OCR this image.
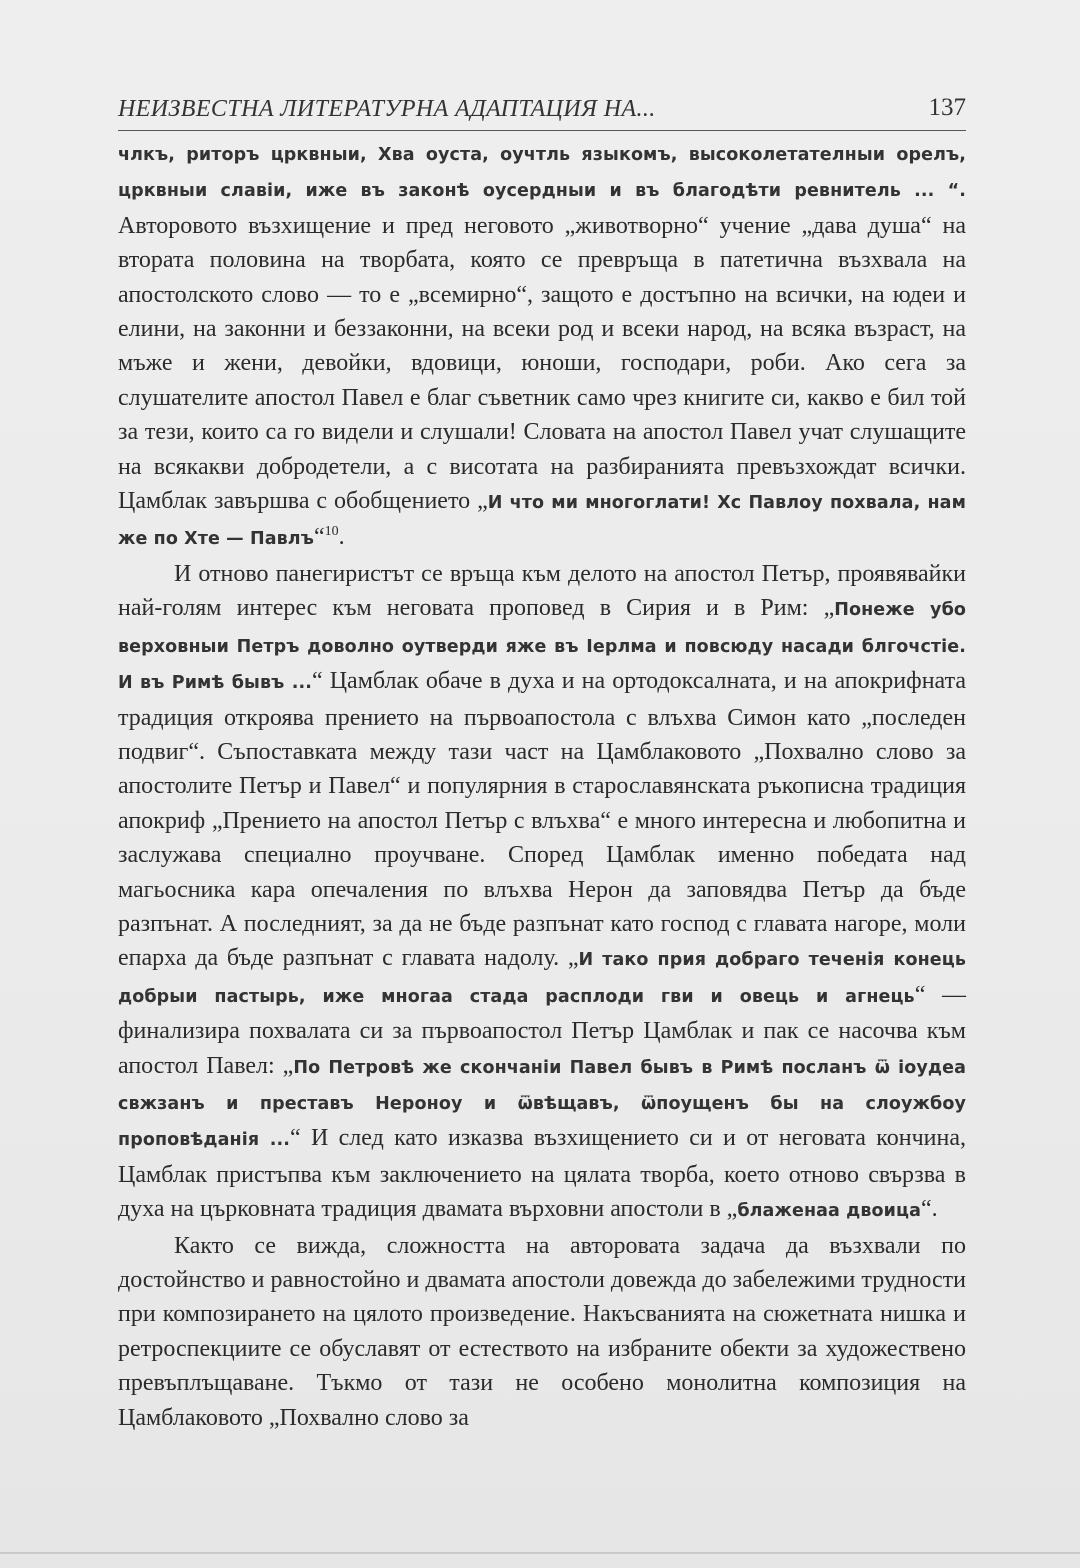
НЕИЗВЕСТНА ЛИТЕРАТУРНА АДАПТАЦИЯ НА...	137

члкъ, риторъ црквныи, Хва оуста, оучтль языкомъ, высоколетателныи орелъ, црквныи славiи, иже въ законѣ оусердныи и въ благодѣти ревнитель ... “. Авторовото възхищение и пред неговото „животворно“ учение „дава душа“ на втората половина на творбата, която се превръща в патетична възхвала на апостолското слово — то е „всемирно“, защото е достъпно на всички, на юдеи и елини, на законни и беззаконни, на всеки род и всеки народ, на всяка възраст, на мъже и жени, девойки, вдовици, юноши, господари, роби. Ако сега за слушателите апостол Павел е благ съветник само чрез книгите си, какво е бил той за тези, които са го видели и слушали! Словата на апостол Павел учат слушащите на всякакви добродетели, а с висотата на разбиранията превъзхождат всички. Цамблак завършва с обобщението „И что ми многоглати! Хс Павлоу похвала, нам же по Хте — Павлъ“$^{10}$.

И отново панегиристът се връща към делото на апостол Петър, проявявайки най-голям интерес към неговата проповед в Сирия и в Рим: „Понеже убо верховныи Петръ доволно оутверди яже въ Iерлма и повсюду насади блгочстiе. И въ Римѣ бывъ ...“ Цамблак обаче в духа и на ортодоксалната, и на апокрифната традиция откроява прението на първоапостола с влъхва Симон като „последен подвиг“. Съпоставката между тази част на Цамблаковото „Похвално слово за апостолите Петър и Павел“ и популярния в старославянската ръкописна традиция апокриф „Прението на апостол Петър с влъхва“ е много интересна и любопитна и заслужава специално проучване. Според Цамблак именно победата над магьосника кара опечаления по влъхва Нерон да заповядва Петър да бъде разпънат. А последният, за да не бъде разпънат като господ с главата нагоре, моли епарха да бъде разпънат с главата надолу. „И тако прия добраго теченiя конець добрыи пастырь, иже многаа стада расплоди гви и овець и агнець“ — финализира похвалата си за първоапостол Петър Цамблак и пак се насочва към апостол Павел: „По Петровѣ же скончанiи Павел бывъ в Римѣ посланъ ѿ iоудеа свжзанъ и преставъ Нероноу и ѿвѣщавъ, ѿпоущенъ бы на слоужбоу проповѣданiя ...“ И след като изказва възхищението си и от неговата кончина, Цамблак пристъпва към заключението на цялата творба, което отново свързва в духа на църковната традиция двамата върховни апостоли в „блаженаа двоица“.

Както се вижда, сложността на авторовата задача да възхвали по достойнство и равностойно и двамата апостоли довежда до забележими трудности при композирането на цялото произведение. Накъсванията на сюжетната нишка и ретроспекциите се обуславят от естеството на избраните обекти за художествено превъплъщаване. Тъкмо от тази не особено монолитна композиция на Цамблаковото „Похвално слово за
